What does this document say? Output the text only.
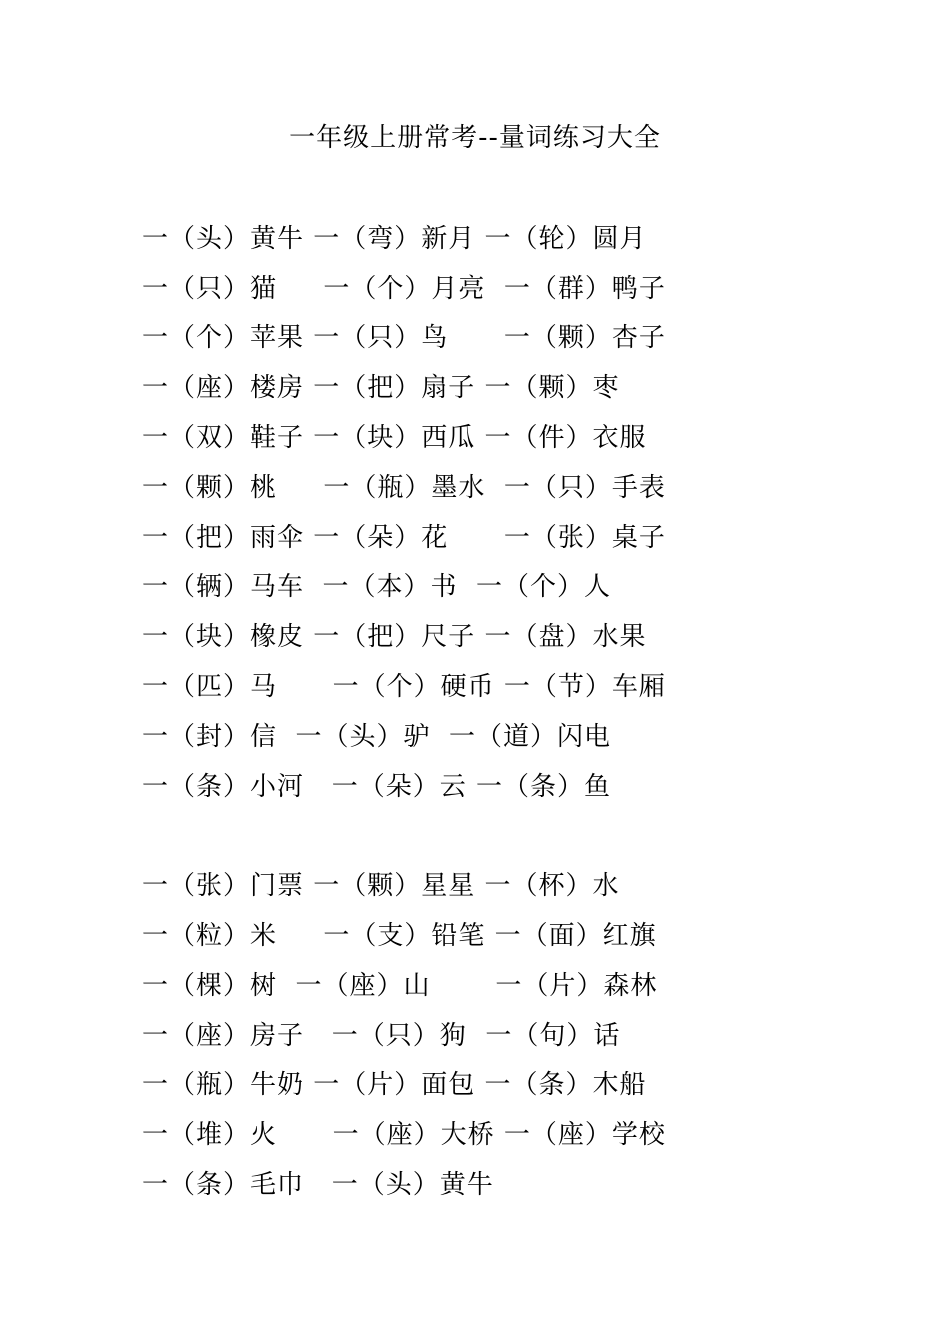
一年级上册常考--量词练习大全
一（头）黄牛 一（弯）新月 一（轮）圆月
一（只）猫     一（个）月亮  一（群）鸭子
一（个）苹果 一（只）鸟      一（颗）杏子
一（座）楼房 一（把）扇子 一（颗）枣
一（双）鞋子 一（块）西瓜 一（件）衣服
一（颗）桃     一（瓶）墨水  一（只）手表
一（把）雨伞 一（朵）花      一（张）桌子
一（辆）马车  一（本）书  一（个）人
一（块）橡皮 一（把）尺子 一（盘）水果
一（匹）马      一（个）硬币 一（节）车厢
一（封）信  一（头）驴  一（道）闪电
一（条）小河   一（朵）云 一（条）鱼
一（张）门票 一（颗）星星 一（杯）水
一（粒）米     一（支）铅笔 一（面）红旗
一（棵）树  一（座）山       一（片）森林
一（座）房子   一（只）狗  一（句）话
一（瓶）牛奶 一（片）面包 一（条）木船
一（堆）火      一（座）大桥 一（座）学校
一（条）毛巾   一（头）黄牛
